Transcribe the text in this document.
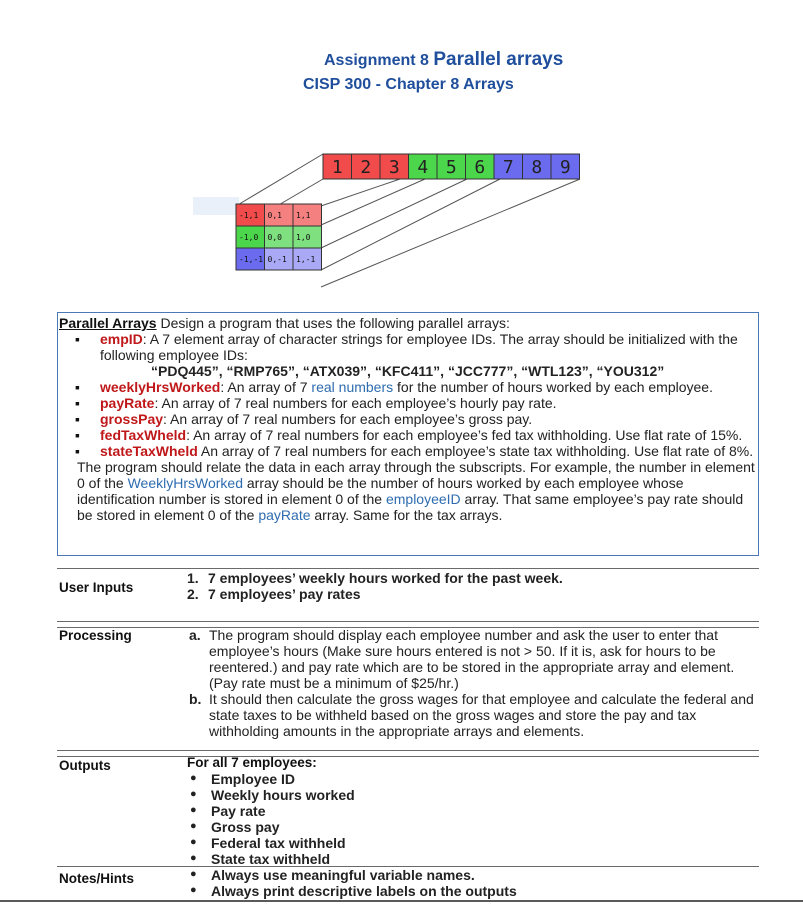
Assignment 8 Parallel arrays
CISP 300 - Chapter 8 Arrays
1 2 3 4 5 6 7 8 9
-1,1 0,1 1,1
-1,0 0,0 1,0
-1,-1 0,-1 1,-1
Parallel Arrays Design a program that uses the following parallel arrays:
▪ empID: A 7 element array of character strings for employee IDs. The array should be initialized with the following employee IDs:
“PDQ445”, “RMP765”, “ATX039”, “KFC411”, “JCC777”, “WTL123”, “YOU312”
▪ weeklyHrsWorked: An array of 7 real numbers for the number of hours worked by each employee.
▪ payRate: An array of 7 real numbers for each employee’s hourly pay rate.
▪ grossPay: An array of 7 real numbers for each employee’s gross pay.
▪ fedTaxWheld: An array of 7 real numbers for each employee’s fed tax withholding. Use flat rate of 15%.
▪ stateTaxWheld An array of 7 real numbers for each employee’s state tax withholding. Use flat rate of 8%.
The program should relate the data in each array through the subscripts. For example, the number in element 0 of the WeeklyHrsWorked array should be the number of hours worked by each employee whose identification number is stored in element 0 of the employeeID array. That same employee’s pay rate should be stored in element 0 of the payRate array. Same for the tax arrays.
User Inputs
1. 7 employees’ weekly hours worked for the past week.
2. 7 employees’ pay rates
Processing	a. The program should display each employee number and ask the user to enter that employee’s hours (Make sure hours entered is not > 50. If it is, ask for hours to be reentered.) and pay rate which are to be stored in the appropriate array and element. (Pay rate must be a minimum of $25/hr.)
b. It should then calculate the gross wages for that employee and calculate the federal and state taxes to be withheld based on the gross wages and store the pay and tax withholding amounts in the appropriate arrays and elements.
Outputs	For all 7 employees:
● Employee ID
● Weekly hours worked
● Pay rate
● Gross pay
● Federal tax withheld
● State tax withheld
Notes/Hints
●	Always use meaningful variable names.
● Always print descriptive labels on the outputs
